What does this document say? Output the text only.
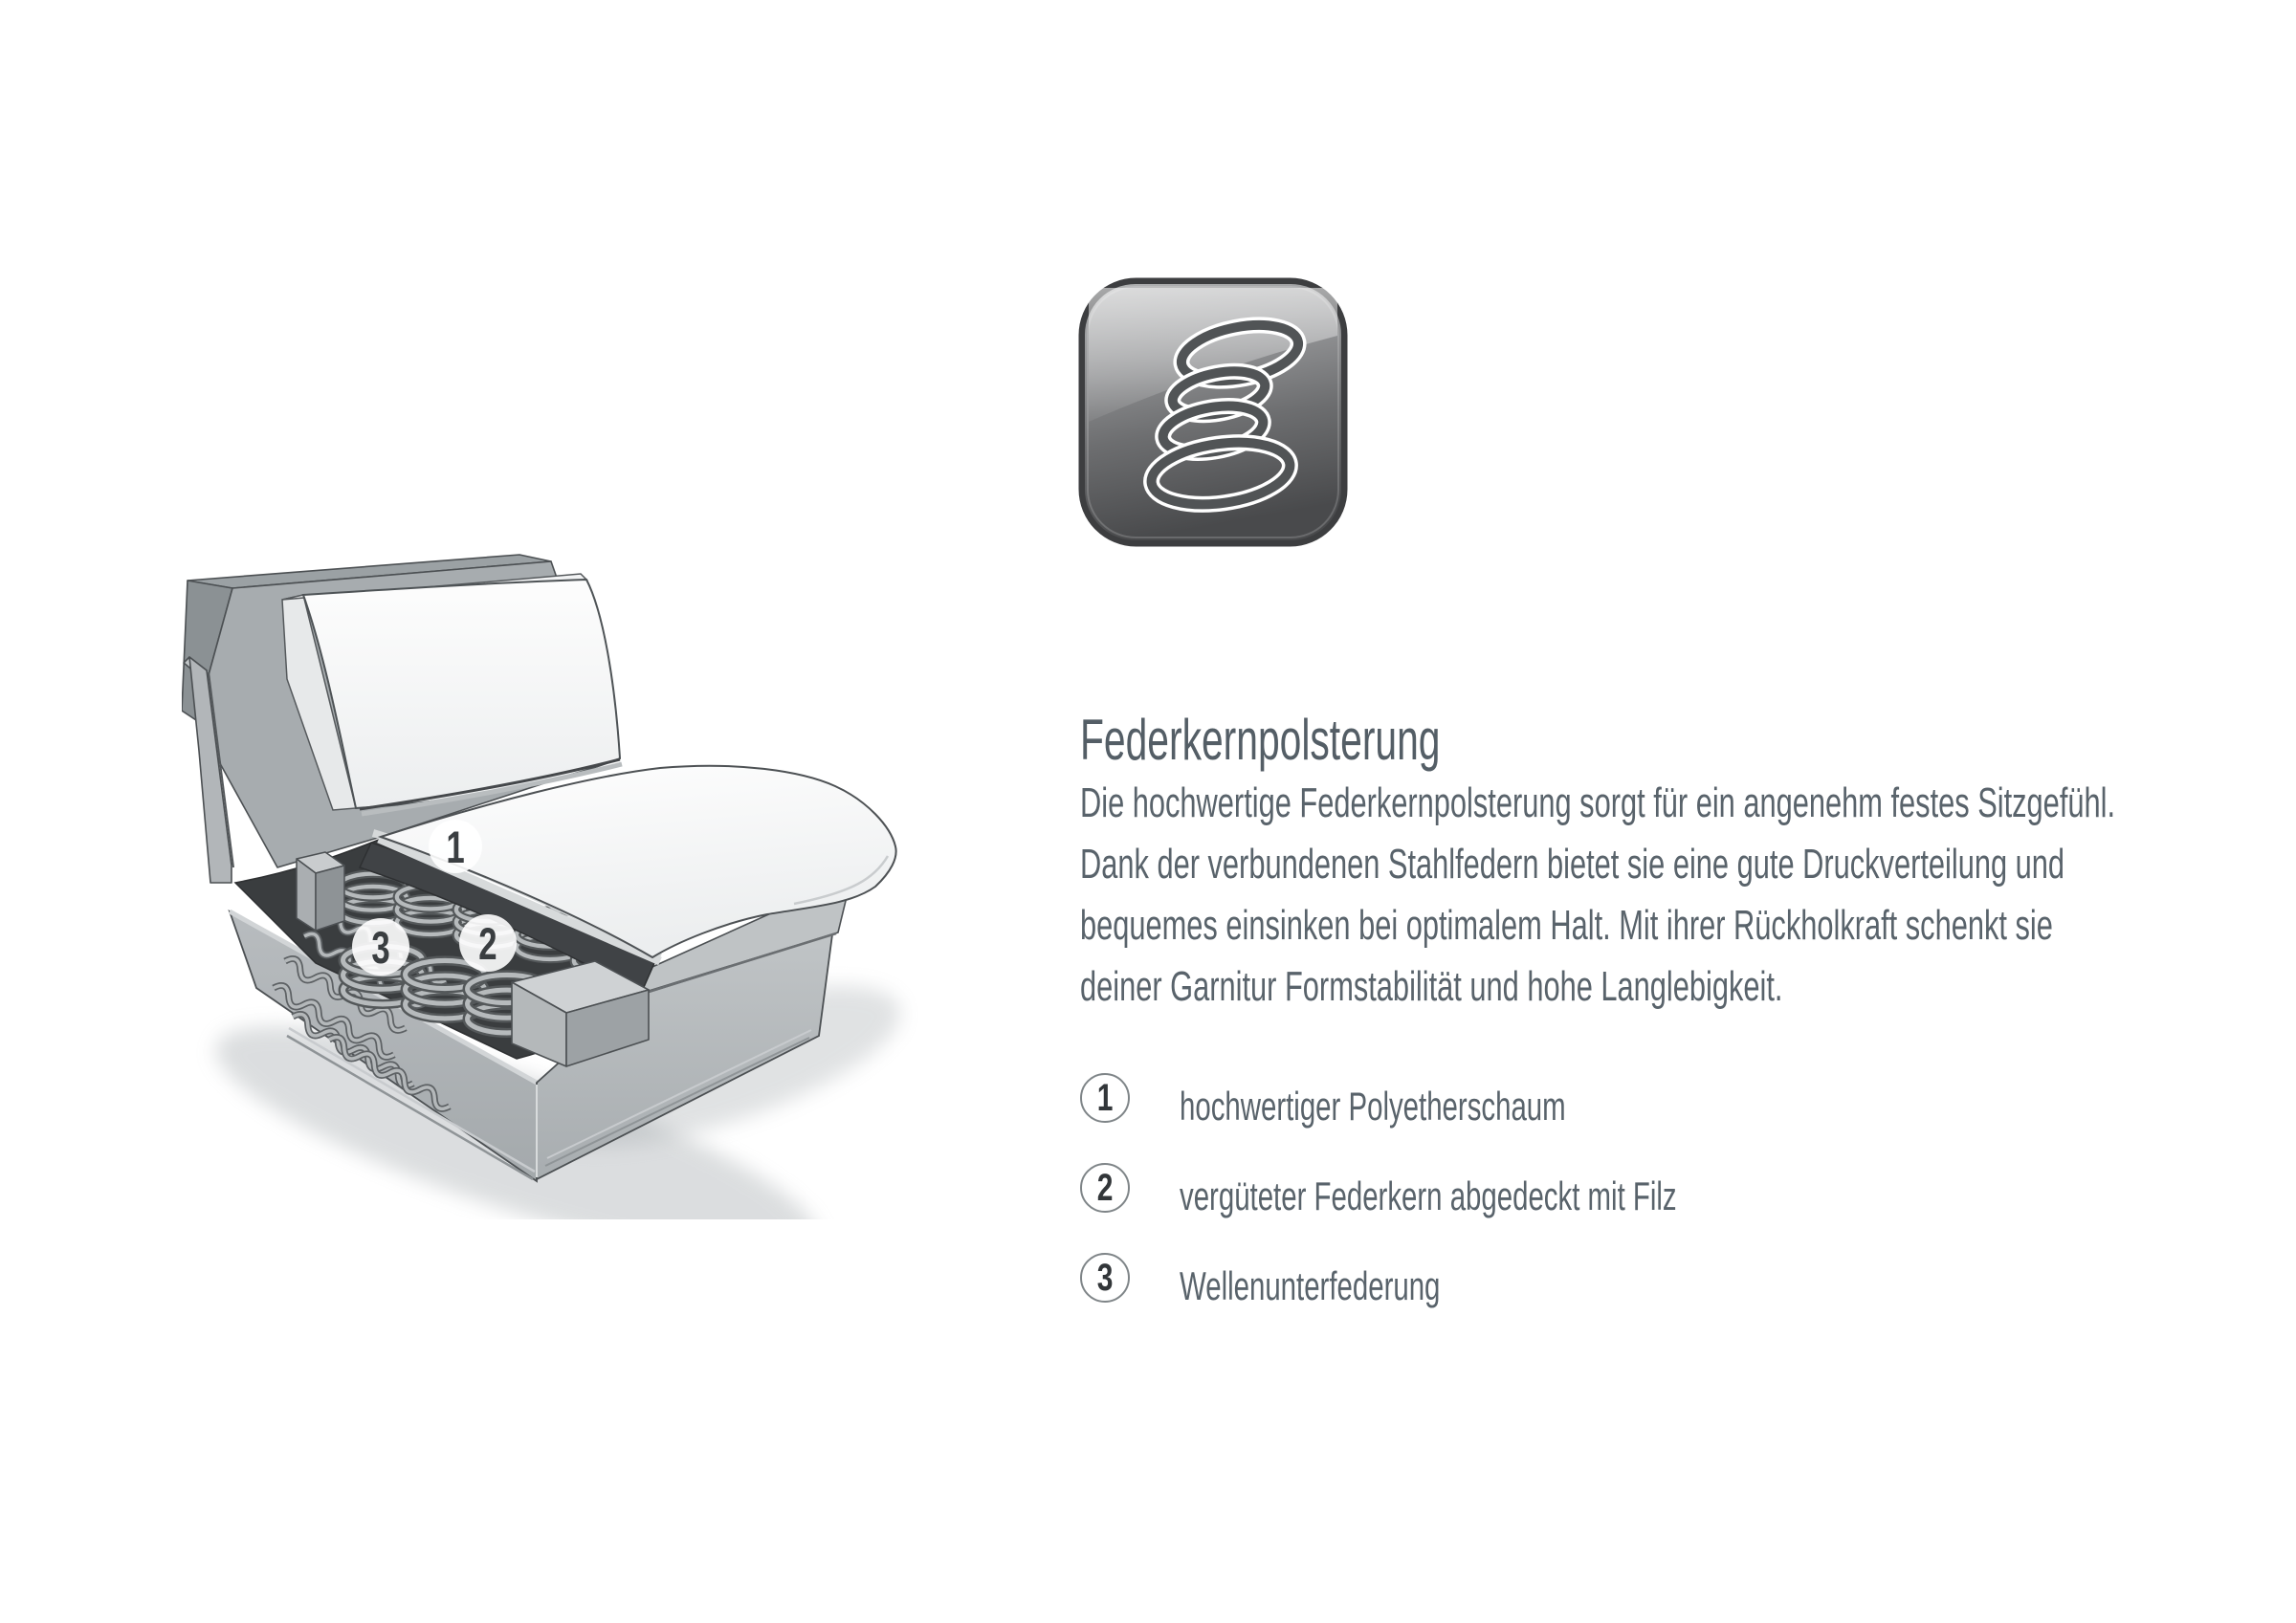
1
2
3
Federkernpolsterung
Die hochwertige Federkernpolsterung sorgt für ein angenehm festes Sitzgefühl.
Dank der verbundenen Stahlfedern bietet sie eine gute Druckverteilung und
bequemes einsinken bei optimalem Halt. Mit ihrer Rückholkraft schenkt sie
deiner Garnitur Formstabilität und hohe Langlebigkeit.
1 hochwertiger Polyetherschaum
2 vergüteter Federkern abgedeckt mit Filz
3 Wellenunterfederung
